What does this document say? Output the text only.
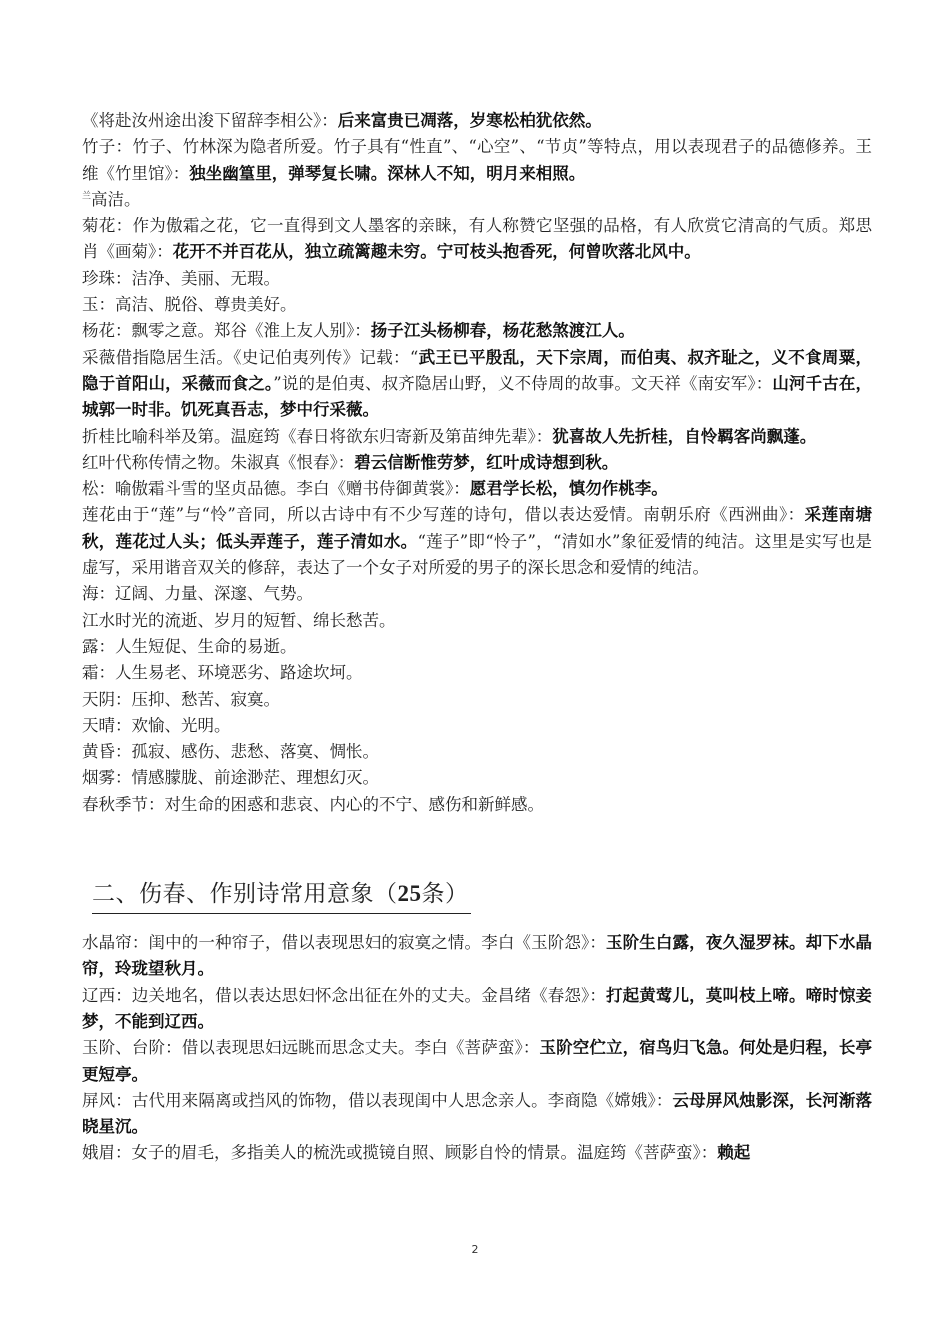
《将赴汝州途出浚下留辞李相公》：后来富贵已凋落，岁寒松柏犹依然。

竹子：竹子、竹林深为隐者所爱。竹子具有“性直”、“心空”、“节贞”等特点，用以表现君子的品德修养。王维《竹里馆》：独坐幽篁里，弹琴复长啸。深林人不知，明月来相照。

$^兰$高洁。

菊花：作为傲霜之花，它一直得到文人墨客的亲睐，有人称赞它坚强的品格，有人欣赏它清高的气质。郑思肖《画菊》：花开不并百花从，独立疏篱趣未穷。宁可枝头抱香死，何曾吹落北风中。

珍珠：洁净、美丽、无瑕。

玉：高洁、脱俗、尊贵美好。

杨花：飘零之意。郑谷《淮上友人别》：扬子江头杨柳春，杨花愁煞渡江人。

采薇借指隐居生活。《史记伯夷列传》记载：“武王已平殷乱，天下宗周，而伯夷、叔齐耻之，义不食周粟，隐于首阳山，采薇而食之。”说的是伯夷、叔齐隐居山野，义不侍周的故事。文天祥《南安军》：山河千古在，城郭一时非。饥死真吾志，梦中行采薇。

折桂比喻科举及第。温庭筠《春日将欲东归寄新及第苗绅先辈》：犹喜故人先折桂，自怜羁客尚飘蓬。

红叶代称传情之物。朱淑真《恨春》：碧云信断惟劳梦，红叶成诗想到秋。

松：喻傲霜斗雪的坚贞品德。李白《赠书侍御黄裳》：愿君学长松，慎勿作桃李。

莲花由于“莲”与“怜”音同，所以古诗中有不少写莲的诗句，借以表达爱情。南朝乐府《西洲曲》：采莲南塘秋，莲花过人头；低头弄莲子，莲子清如水。“莲子”即“怜子”，“清如水”象征爱情的纯洁。这里是实写也是虚写，采用谐音双关的修辞，表达了一个女子对所爱的男子的深长思念和爱情的纯洁。

海：辽阔、力量、深邃、气势。

江水时光的流逝、岁月的短暂、绵长愁苦。

露：人生短促、生命的易逝。

霜：人生易老、环境恶劣、路途坎坷。

天阴：压抑、愁苦、寂寞。

天晴：欢愉、光明。

黄昏：孤寂、感伤、悲愁、落寞、惆怅。

烟雾：情感朦胧、前途渺茫、理想幻灭。

春秋季节：对生命的困惑和悲哀、内心的不宁、感伤和新鲜感。

二、伤春、作别诗常用意象（25条）

水晶帘：闺中的一种帘子，借以表现思妇的寂寞之情。李白《玉阶怨》：玉阶生白露，夜久湿罗袜。却下水晶帘，玲珑望秋月。

辽西：边关地名，借以表达思妇怀念出征在外的丈夫。金昌绪《春怨》：打起黄莺儿，莫叫枝上啼。啼时惊妾梦，不能到辽西。

玉阶、台阶：借以表现思妇远眺而思念丈夫。李白《菩萨蛮》：玉阶空伫立，宿鸟归飞急。何处是归程，长亭更短亭。

屏风：古代用来隔离或挡风的饰物，借以表现闺中人思念亲人。李商隐《嫦娥》：云母屏风烛影深，长河渐落晓星沉。

娥眉：女子的眉毛，多指美人的梳洗或揽镜自照、顾影自怜的情景。温庭筠《菩萨蛮》：赖起

2
